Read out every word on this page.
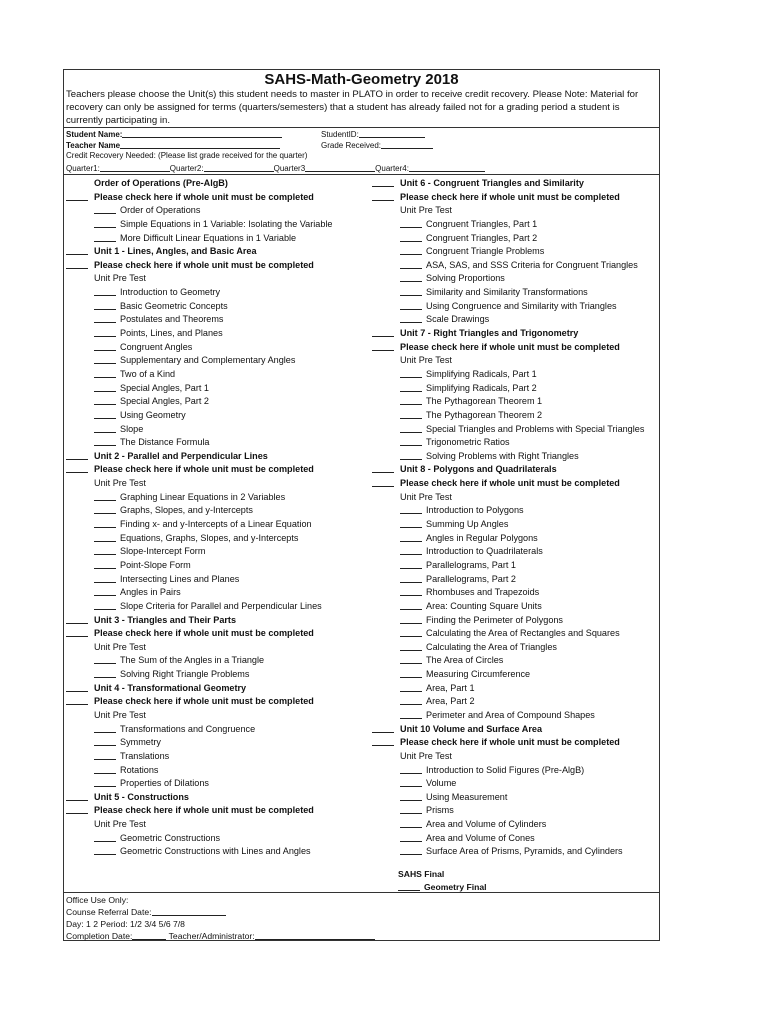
SAHS-Math-Geometry 2018
Teachers please choose the Unit(s) this student needs to master in PLATO in order to receive credit recovery. Please Note: Material for recovery can only be assigned for terms (quarters/semesters) that a student has already failed not for a grading period a student is currently participating in.
Student Name:	StudentID:
Teacher Name	Grade Received:
Credit Recovery Needed: (Please list grade received for the quarter)
Quarter1:	Quarter2:	Quarter3	Quarter4:
Order of Operations (Pre-AlgB)
Please check here if whole unit must be completed
Order of Operations
Simple Equations in 1 Variable: Isolating the Variable
More Difficult Linear Equations in 1 Variable
Unit 1 - Lines, Angles, and Basic Area
Please check here if whole unit must be completed
Unit Pre Test
Introduction to Geometry
Basic Geometric Concepts
Postulates and Theorems
Points, Lines, and Planes
Congruent Angles
Supplementary and Complementary Angles
Two of a Kind
Special Angles, Part 1
Special Angles, Part 2
Using Geometry
Slope
The Distance Formula
Unit 2 - Parallel and Perpendicular Lines
Please check here if whole unit must be completed
Unit Pre Test
Graphing Linear Equations in 2 Variables
Graphs, Slopes, and y-Intercepts
Finding x- and y-Intercepts of a Linear Equation
Equations, Graphs, Slopes, and y-Intercepts
Slope-Intercept Form
Point-Slope Form
Intersecting Lines and Planes
Angles in Pairs
Slope Criteria for Parallel and Perpendicular Lines
Unit 3 - Triangles and Their Parts
Please check here if whole unit must be completed
Unit Pre Test
The Sum of the Angles in a Triangle
Solving Right Triangle Problems
Unit 4 - Transformational Geometry
Please check here if whole unit must be completed
Unit Pre Test
Transformations and Congruence
Symmetry
Translations
Rotations
Properties of Dilations
Unit 5 - Constructions
Please check here if whole unit must be completed
Unit Pre Test
Geometric Constructions
Geometric Constructions with Lines and Angles
Unit 6 - Congruent Triangles and Similarity
Please check here if whole unit must be completed
Unit Pre Test
Congruent Triangles, Part 1
Congruent Triangles, Part 2
Congruent Triangle Problems
ASA, SAS, and SSS Criteria for Congruent Triangles
Solving Proportions
Similarity and Similarity Transformations
Using Congruence and Similarity with Triangles
Scale Drawings
Unit 7 - Right Triangles and Trigonometry
Please check here if whole unit must be completed
Unit Pre Test
Simplifying Radicals, Part 1
Simplifying Radicals, Part 2
The Pythagorean Theorem 1
The Pythagorean Theorem 2
Special Triangles and Problems with Special Triangles
Trigonometric Ratios
Solving Problems with Right Triangles
Unit 8 - Polygons and Quadrilaterals
Please check here if whole unit must be completed
Unit Pre Test
Introduction to Polygons
Summing Up Angles
Angles in Regular Polygons
Introduction to Quadrilaterals
Parallelograms, Part 1
Parallelograms, Part 2
Rhombuses and Trapezoids
Area: Counting Square Units
Finding the Perimeter of Polygons
Calculating the Area of Rectangles and Squares
Calculating the Area of Triangles
The Area of Circles
Measuring Circumference
Area, Part 1
Area, Part 2
Perimeter and Area of Compound Shapes
Unit 10 Volume and Surface Area
Please check here if whole unit must be completed
Unit Pre Test
Introduction to Solid Figures (Pre-AlgB)
Volume
Using Measurement
Prisms
Area and Volume of Cylinders
Area and Volume of Cones
Surface Area of Prisms, Pyramids, and Cylinders
SAHS Final
Geometry Final
Office Use Only:
Counse Referral Date:
Day: 1 2 Period: 1/2 3/4 5/6 7/8
Completion Date:	Teacher/Administrator:
